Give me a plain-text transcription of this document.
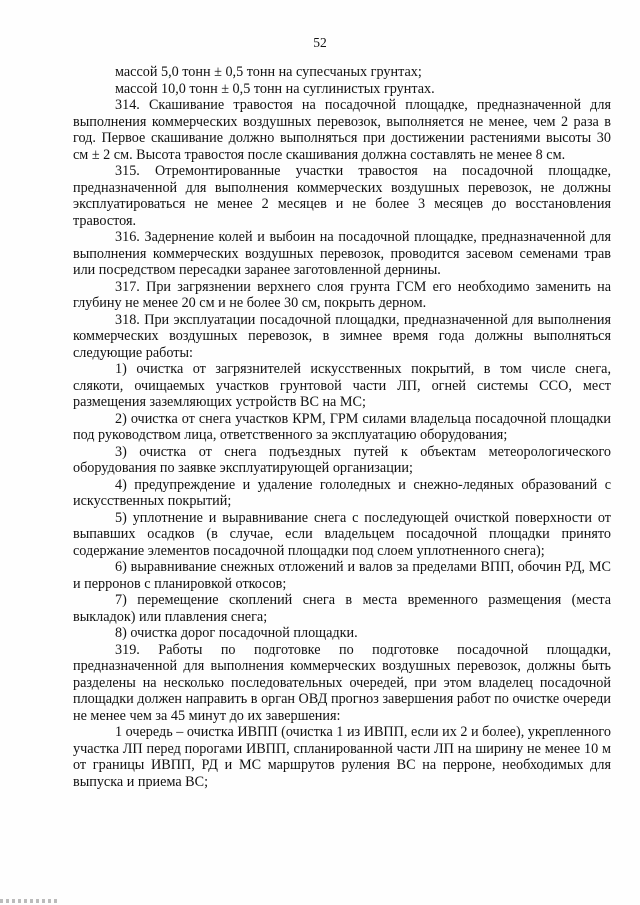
52

массой 5,0 тонн ± 0,5 тонн на супесчаных грунтах;

массой 10,0 тонн ± 0,5 тонн на суглинистых грунтах.

314. Скашивание травостоя на посадочной площадке, предназначенной для выполнения коммерческих воздушных перевозок, выполняется не менее, чем 2 раза в год. Первое скашивание должно выполняться при достижении растениями высоты 30 см ± 2 см. Высота травостоя после скашивания должна составлять не менее 8 см.

315. Отремонтированные участки травостоя на посадочной площадке, предназначенной для выполнения коммерческих воздушных перевозок, не должны эксплуатироваться не менее 2 месяцев и не более 3 месяцев до восстановления травостоя.

316. Задернение колей и выбоин на посадочной площадке, предназначенной для выполнения коммерческих воздушных перевозок, проводится засевом семенами трав или посредством пересадки заранее заготовленной дернины.

317. При загрязнении верхнего слоя грунта ГСМ его необходимо заменить на глубину не менее 20 см и не более 30 см, покрыть дерном.

318. При эксплуатации посадочной площадки, предназначенной для выполнения коммерческих воздушных перевозок, в зимнее время года должны выполняться следующие работы:

1) очистка от загрязнителей искусственных покрытий, в том числе снега, слякоти, очищаемых участков грунтовой части ЛП, огней системы ССО, мест размещения заземляющих устройств ВС на МС;

2) очистка от снега участков КРМ, ГРМ силами владельца посадочной площадки под руководством лица, ответственного за эксплуатацию оборудования;

3) очистка от снега подъездных путей к объектам метеорологического оборудования по заявке эксплуатирующей организации;

4) предупреждение и удаление гололедных и снежно-ледяных образований с искусственных покрытий;

5) уплотнение и выравнивание снега с последующей очисткой поверхности от выпавших осадков (в случае, если владельцем посадочной площадки принято содержание элементов посадочной площадки под слоем уплотненного снега);

6) выравнивание снежных отложений и валов за пределами ВПП, обочин РД, МС и перронов с планировкой откосов;

7) перемещение скоплений снега в места временного размещения (места выкладок) или плавления снега;

8) очистка дорог посадочной площадки.

319. Работы по подготовке по подготовке посадочной площадки, предназначенной для выполнения коммерческих воздушных перевозок, должны быть разделены на несколько последовательных очередей, при этом владелец посадочной площадки должен направить в орган ОВД прогноз завершения работ по очистке очереди не менее чем за 45 минут до их завершения:

1 очередь – очистка ИВПП (очистка 1 из ИВПП, если их 2 и более), укрепленного участка ЛП перед порогами ИВПП, спланированной части ЛП на ширину не менее 10 м от границы ИВПП, РД и МС маршрутов руления ВС на перроне, необходимых для выпуска и приема ВС;
